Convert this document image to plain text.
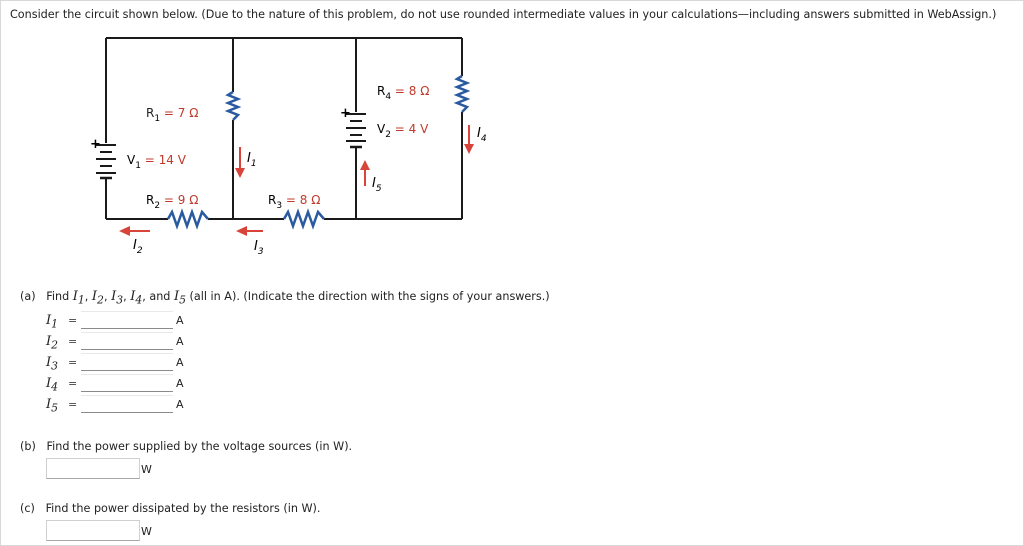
Consider the circuit shown below. (Due to the nature of this problem, do not use rounded intermediate values in your calculations—including answers submitted in WebAssign.)
+
+
$R_1 = 7$ Ω
$V_1 = 14$ V
$R_2 = 9$ Ω	$R_3 = 8$ Ω
$R_4 = 8$ Ω
$V_2 = 4$ V
$I_1$
$I_5$
$I_4$
$I_2$	$I_3$
(a) Find $I_1$, $I_2$, $I_3$, $I_4$, and $I_5$ (all in A). (Indicate the direction with the signs of your answers.)
$I_1$ =	A
$I_2$ =	A
$I_3$ =	A
$I_4$ =	A
$I_5$ =	A
(b) Find the power supplied by the voltage sources (in W).
W
(c) Find the power dissipated by the resistors (in W).
W
